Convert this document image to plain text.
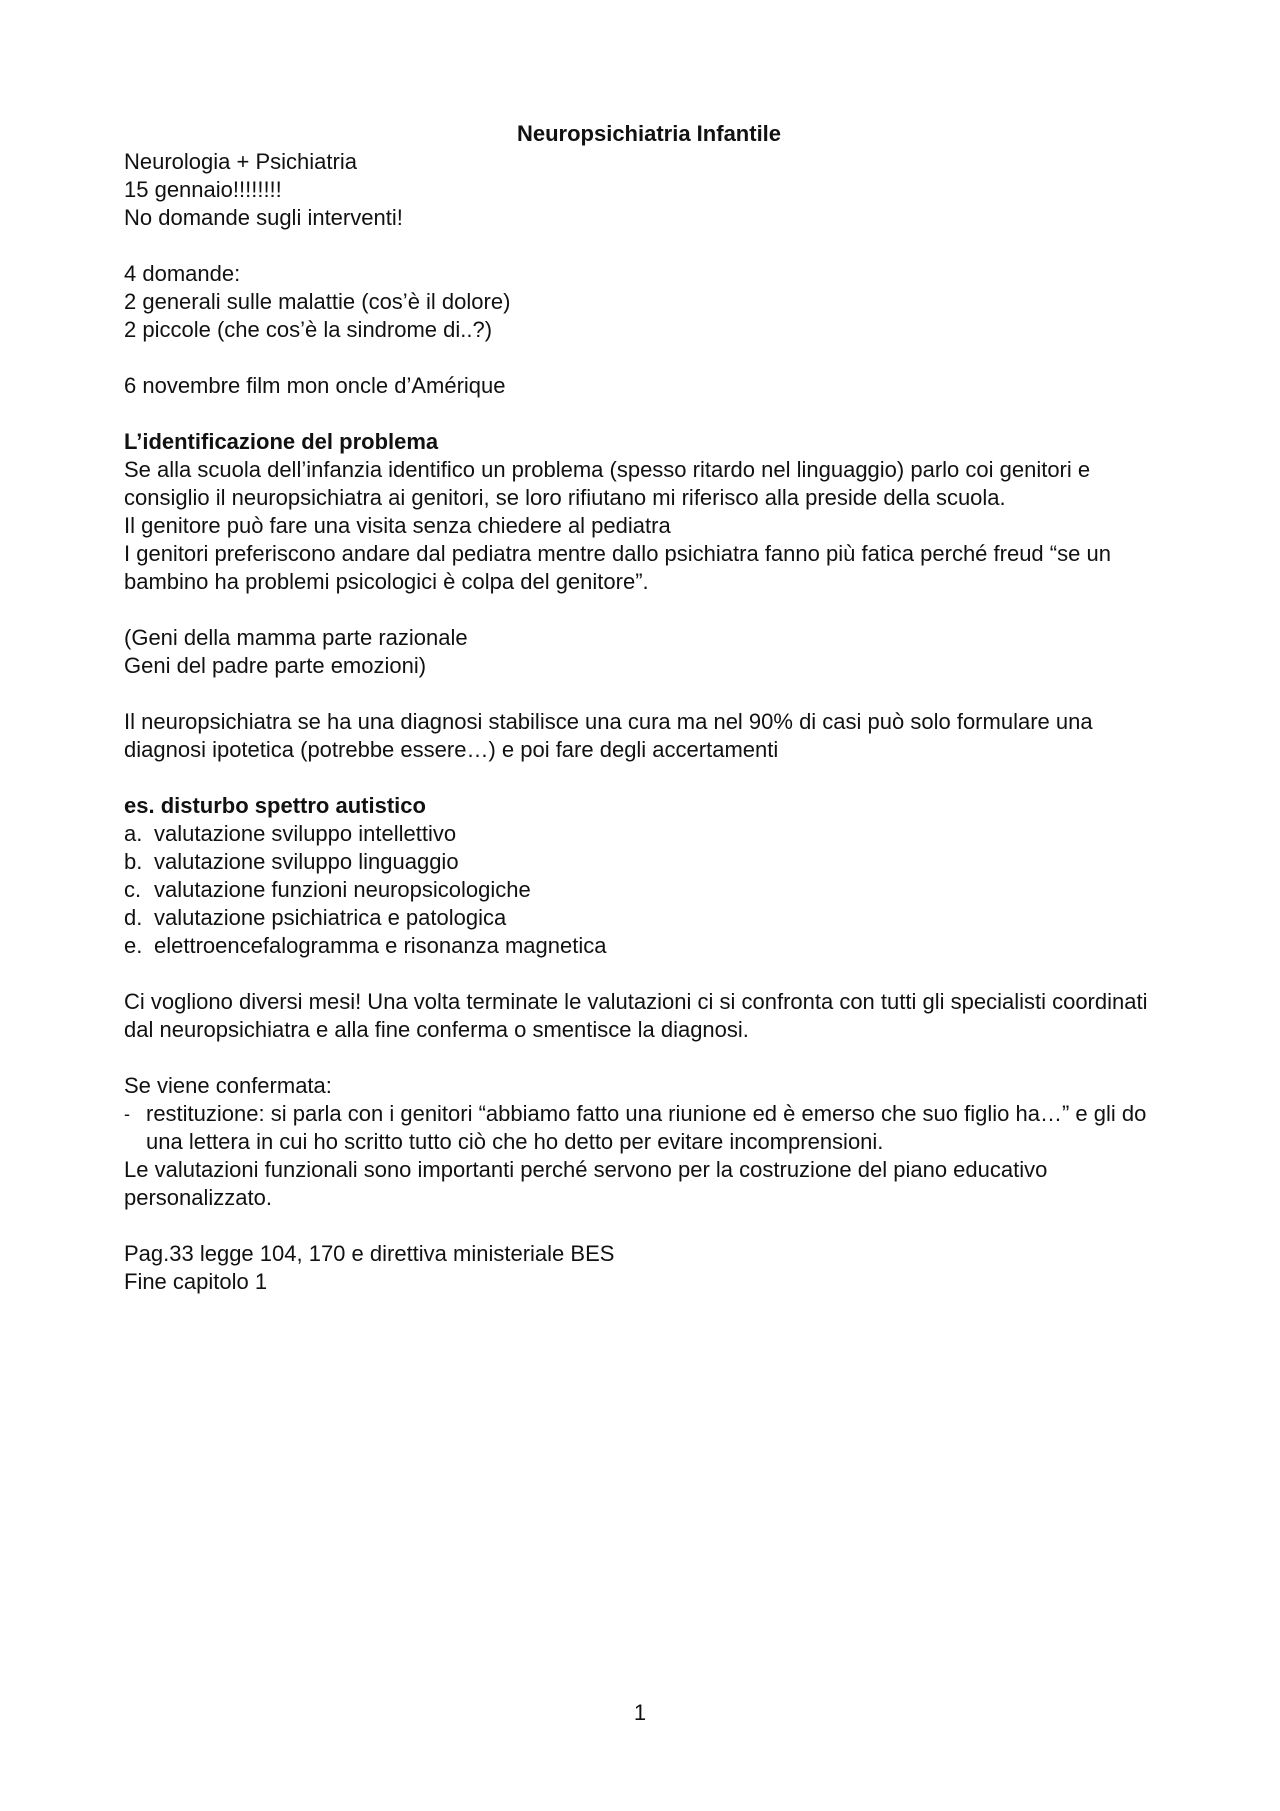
Neuropsichiatria Infantile

Neurologia + Psichiatria

15 gennaio!!!!!!!!

No domande sugli interventi!

4 domande:

2 generali sulle malattie (cos’è il dolore)

2 piccole (che cos’è la sindrome di..?)

6 novembre film mon oncle d’Amérique

L’identificazione del problema

Se alla scuola dell’infanzia identifico un problema (spesso ritardo nel linguaggio) parlo coi genitori e consiglio il neuropsichiatra ai genitori, se loro rifiutano mi riferisco alla preside della scuola.

Il genitore può fare una visita senza chiedere al pediatra

I genitori preferiscono andare dal pediatra mentre dallo psichiatra fanno più fatica perché freud “se un bambino ha problemi psicologici è colpa del genitore”.

(Geni della mamma parte razionale

Geni del padre parte emozioni)

Il neuropsichiatra se ha una diagnosi stabilisce una cura ma nel 90% di casi può solo formulare una diagnosi ipotetica (potrebbe essere…) e poi fare degli accertamenti

es. disturbo spettro autistico

a. valutazione sviluppo intellettivo
b. valutazione sviluppo linguaggio
c. valutazione funzioni neuropsicologiche
d. valutazione psichiatrica e patologica
e. elettroencefalogramma e risonanza magnetica

Ci vogliono diversi mesi! Una volta terminate le valutazioni ci si confronta con tutti gli specialisti coordinati dal neuropsichiatra e alla fine conferma o smentisce la diagnosi.

Se viene confermata:

- restituzione: si parla con i genitori “abbiamo fatto una riunione ed è emerso che suo figlio ha…” e gli do una lettera in cui ho scritto tutto ciò che ho detto per evitare incomprensioni.

Le valutazioni funzionali sono importanti perché servono per la costruzione del piano educativo personalizzato.

Pag.33 legge 104, 170 e direttiva ministeriale BES

Fine capitolo 1

1
